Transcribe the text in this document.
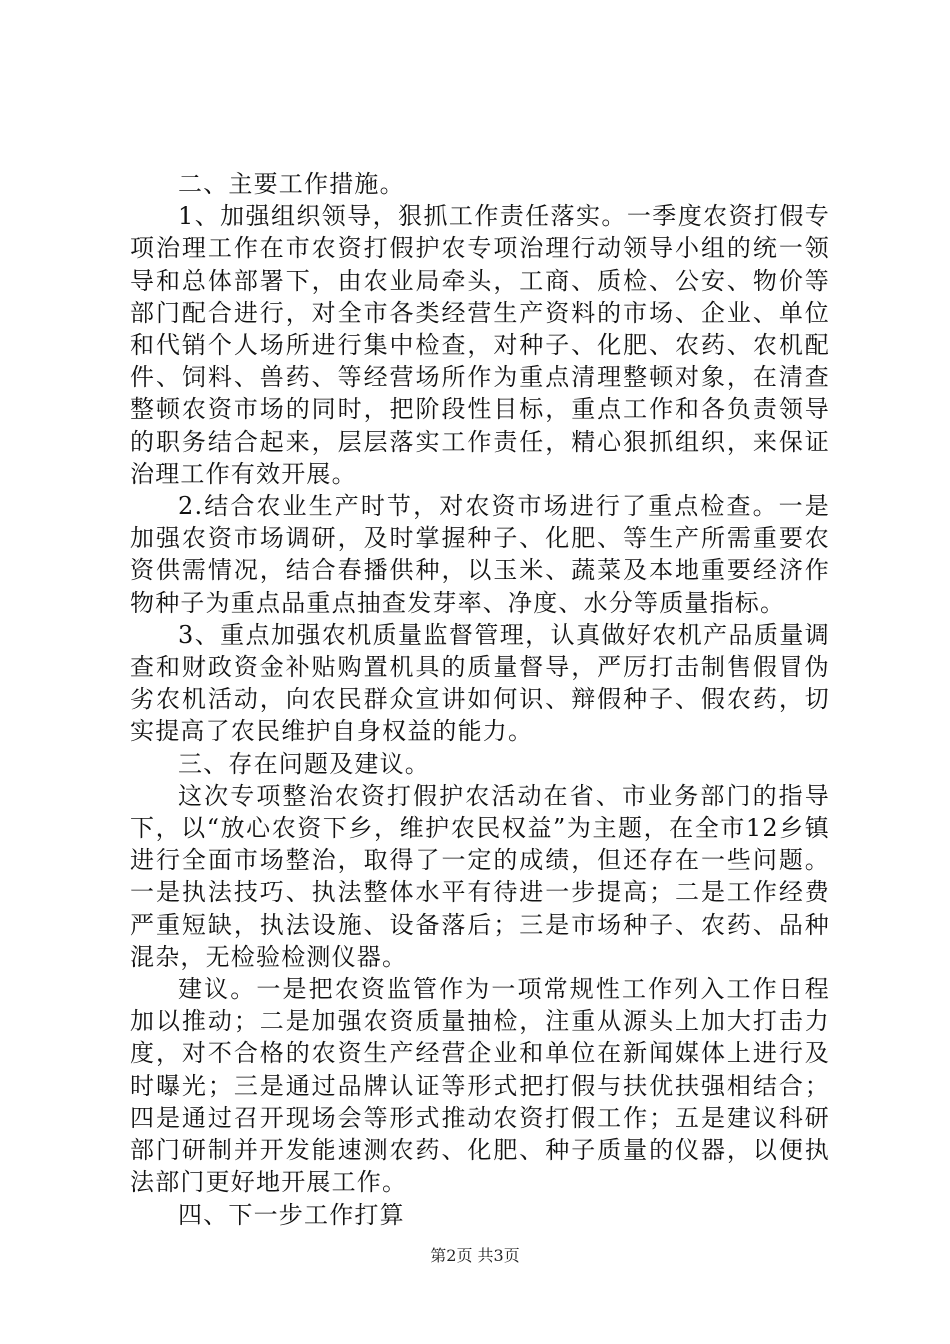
二、主要工作措施。

1、加强组织领导，狠抓工作责任落实。一季度农资打假专项治理工作在市农资打假护农专项治理行动领导小组的统一领导和总体部署下，由农业局牵头，工商、质检、公安、物价等部门配合进行，对全市各类经营生产资料的市场、企业、单位和代销个人场所进行集中检查，对种子、化肥、农药、农机配件、饲料、兽药、等经营场所作为重点清理整顿对象，在清查整顿农资市场的同时，把阶段性目标，重点工作和各负责领导的职务结合起来，层层落实工作责任，精心狠抓组织，来保证治理工作有效开展。

2.结合农业生产时节，对农资市场进行了重点检查。一是加强农资市场调研，及时掌握种子、化肥、等生产所需重要农资供需情况，结合春播供种，以玉米、蔬菜及本地重要经济作物种子为重点品重点抽查发芽率、净度、水分等质量指标。

3、重点加强农机质量监督管理，认真做好农机产品质量调查和财政资金补贴购置机具的质量督导，严厉打击制售假冒伪劣农机活动，向农民群众宣讲如何识、辩假种子、假农药，切实提高了农民维护自身权益的能力。

三、存在问题及建议。

这次专项整治农资打假护农活动在省、市业务部门的指导下，以“放心农资下乡，维护农民权益”为主题，在全市12乡镇进行全面市场整治，取得了一定的成绩，但还存在一些问题。一是执法技巧、执法整体水平有待进一步提高；二是工作经费严重短缺，执法设施、设备落后；三是市场种子、农药、品种混杂，无检验检测仪器。

建议。一是把农资监管作为一项常规性工作列入工作日程加以推动；二是加强农资质量抽检，注重从源头上加大打击力度，对不合格的农资生产经营企业和单位在新闻媒体上进行及时曝光；三是通过品牌认证等形式把打假与扶优扶强相结合；四是通过召开现场会等形式推动农资打假工作；五是建议科研部门研制并开发能速测农药、化肥、种子质量的仪器，以便执法部门更好地开展工作。

四、下一步工作打算

第2页 共3页
